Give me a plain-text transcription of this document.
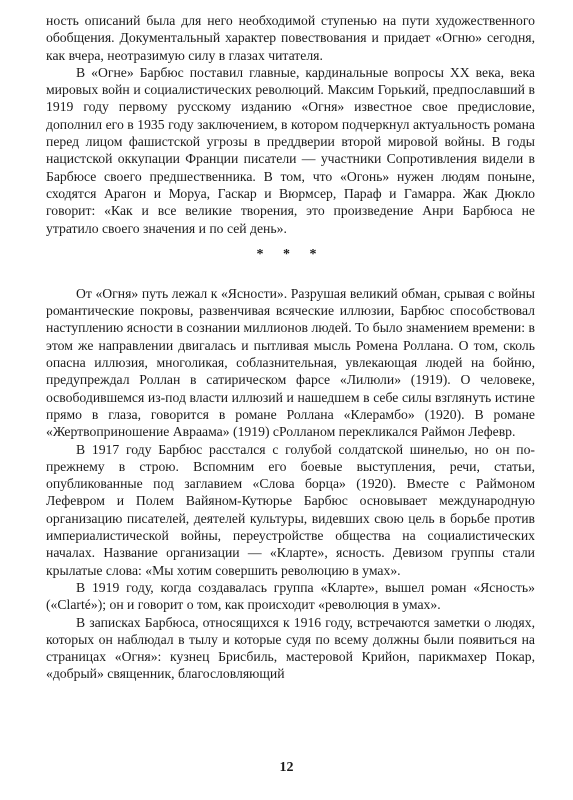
ность описаний была для него необходимой ступенью на пути художественного обобщения. Документальный характер повествования и придает «Огню» сегодня, как вчера, неотразимую силу в глазах читателя.

В «Огне» Барбюс поставил главные, кардинальные вопросы XX века, века мировых войн и социалистических революций. Максим Горький, предпославший в 1919 году первому русскому изданию «Огня» известное свое предисловие, дополнил его в 1935 году заключением, в котором подчеркнул актуальность романа перед лицом фашистской угрозы в преддверии второй мировой войны. В годы нацистской оккупации Франции писатели — участники Сопротивления видели в Барбюсе своего предшественника. В том, что «Огонь» нужен людям поныне, сходятся Арагон и Моруа, Гаскар и Вюрмсер, Параф и Гамарра. Жак Дюкло говорит: «Как и все великие творения, это произведение Анри Барбюса не утратило своего значения и по сей день».

* * *

От «Огня» путь лежал к «Ясности». Разрушая великий обман, срывая с войны романтические покровы, развенчивая всяческие иллюзии, Барбюс способствовал наступлению ясности в сознании миллионов людей. То было знамением времени: в этом же направлении двигалась и пытливая мысль Ромена Роллана. О том, сколь опасна иллюзия, многоликая, соблазнительная, увлекающая людей на бойню, предупреждал Роллан в сатирическом фарсе «Лилюли» (1919). О человеке, освободившемся из-под власти иллюзий и нашедшем в себе силы взглянуть истине прямо в глаза, говорится в романе Роллана «Клерамбо» (1920). В романе «Жертвоприношение Авраама» (1919) сРолланом перекликался Раймон Лефевр.

В 1917 году Барбюс расстался с голубой солдатской шинелью, но он по-прежнему в строю. Вспомним его боевые выступления, речи, статьи, опубликованные под заглавием «Слова борца» (1920). Вместе с Раймоном Лефевром и Полем Вайяном-Кутюрье Барбюс основывает международную организацию писателей, деятелей культуры, видевших свою цель в борьбе против империалистической войны, переустройстве общества на социалистических началах. Название организации — «Кларте», ясность. Девизом группы стали крылатые слова: «Мы хотим совершить революцию в умах».

В 1919 году, когда создавалась группа «Кларте», вышел роман «Ясность» («Clarté»); он и говорит о том, как происходит «революция в умах».

В записках Барбюса, относящихся к 1916 году, встречаются заметки о людях, которых он наблюдал в тылу и которые судя по всему должны были появиться на страницах «Огня»: кузнец Брисбиль, мастеровой Крийон, парикмахер Покар, «добрый» священник, благословляющий

12
